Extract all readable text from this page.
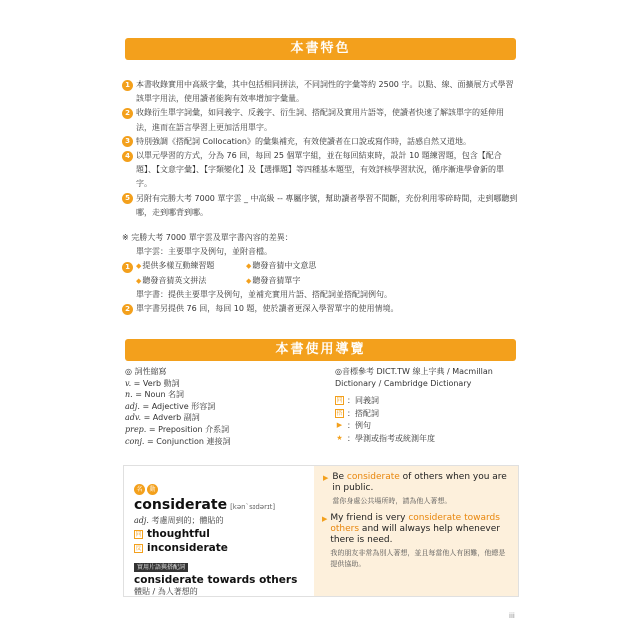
本書特色
1 本書收錄實用中高級字彙，其中包括相同拼法，不同詞性的字彙等約 2500 字。以點、線、面擴展方式學習該單字用法，使用讀者能夠有效率增加字彙量。
2 收錄衍生單字詞彙，如同義字、反義字、衍生詞、搭配詞及實用片語等，使讀者快速了解該單字的延伸用法，進而在語言學習上更加活用單字。
3 特別強調《搭配詞 Collocation》的彙集補充，有效使讀者在口說或寫作時，話感自然又道地。
4 以單元學習的方式，分為 76 回，每回 25 個單字組，並在每回結束時，設計 10 題練習題，包含【配合題】、【文意字彙】、【字類變化】及【選擇題】等四種基本題型，有效評核學習狀況，循序漸進學會新的單字。
5 另附有完勝大考 7000 單字雲 _ 中高級 -- 專屬序號，幫助讀者學習不間斷，充份利用零碎時間，走到哪聽到哪，走到哪背到哪。
※ 完勝大考 7000 單字雲及單字書內容的差異：
單字雲：主要單字及例句，並附音檔。
1 ◆提供多樣互動練習題	◆聽發音猜中文意思
◆聽發音猜英文拼法	◆聽發音猜單字
單字書：提供主要單字及例句，並補充實用片語、搭配詞並搭配詞例句。
2 單字書另提供 76 回，每回 10 題，使於讀者更深入學習單字的使用情境。
本書使用導覽
◎ 詞性縮寫
v. = Verb 動詞
n. = Noun 名詞
adj. = Adjective 形容詞
adv. = Adverb 副詞
prep. = Preposition 介系詞
conj. = Conjunction 連接詞
◎音標參考 DICT.TW 線上字典 / Macmillan Dictionary / Cambridge Dictionary
同 ：同義詞
搭 ：搭配詞
▶ ：例句
★ ：學測或指考或統測年度
名 動
considerate [kən`sɪdərɪt]
adj. 考慮周到的；體貼的
同 thoughtful
反 inconsiderate
實用片語與搭配詞
considerate towards others
體貼 / 為人著想的
▶ Be considerate of others when you are in public.
當你身處公共場所時，請為他人著想。
▶ My friend is very considerate towards others and will always help whenever there is need.
我的朋友非常為別人著想，並且每當他人有困難，他總是提供協助。
iii
